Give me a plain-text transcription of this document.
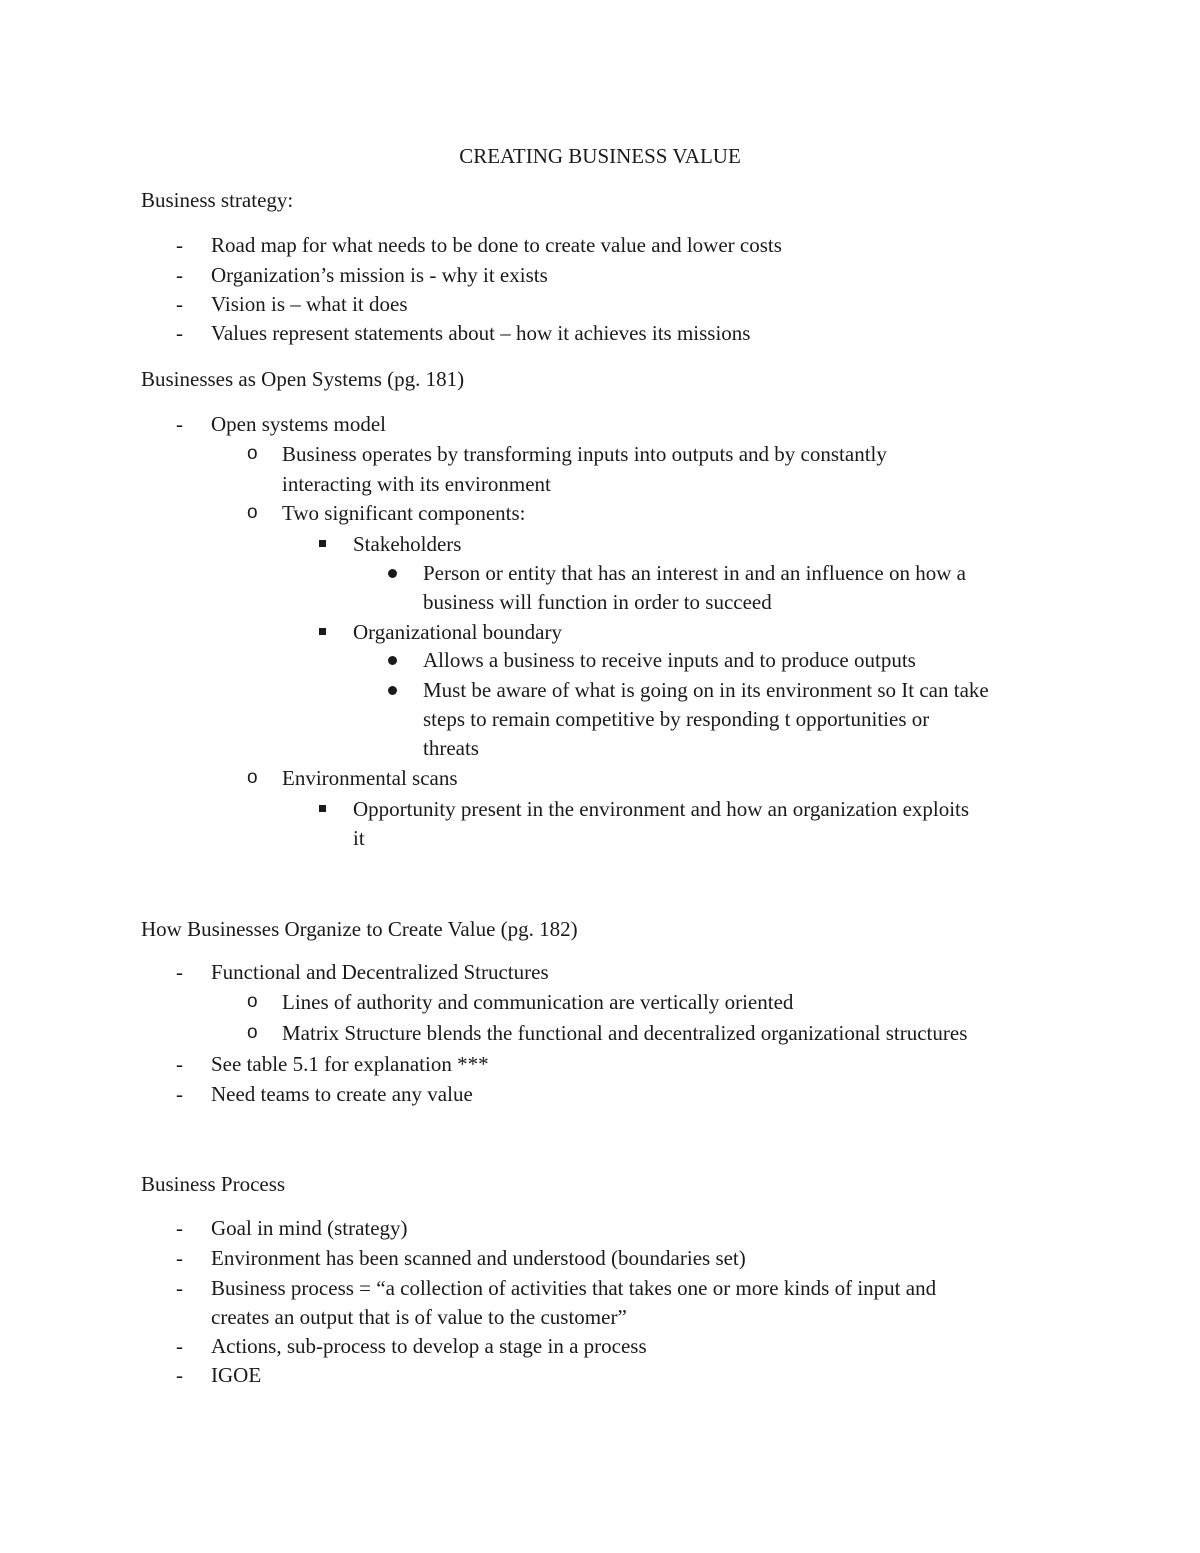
CREATING BUSINESS VALUE
Business strategy:
- Road map for what needs to be done to create value and lower costs
- Organization’s mission is - why it exists
- Vision is – what it does
- Values represent statements about – how it achieves its missions
Businesses as Open Systems (pg. 181)
- Open systems model
o Business operates by transforming inputs into outputs and by constantly
interacting with its environment
o Two significant components:
Stakeholders
Person or entity that has an interest in and an influence on how a
business will function in order to succeed
Organizational boundary
Allows a business to receive inputs and to produce outputs
Must be aware of what is going on in its environment so It can take
steps to remain competitive by responding t opportunities or
threats
o Environmental scans
Opportunity present in the environment and how an organization exploits
it
How Businesses Organize to Create Value (pg. 182)
- Functional and Decentralized Structures
o Lines of authority and communication are vertically oriented
o Matrix Structure blends the functional and decentralized organizational structures
- See table 5.1 for explanation ***
- Need teams to create any value
Business Process
- Goal in mind (strategy)
- Environment has been scanned and understood (boundaries set)
- Business process = “a collection of activities that takes one or more kinds of input and
creates an output that is of value to the customer”
- Actions, sub-process to develop a stage in a process
- IGOE
